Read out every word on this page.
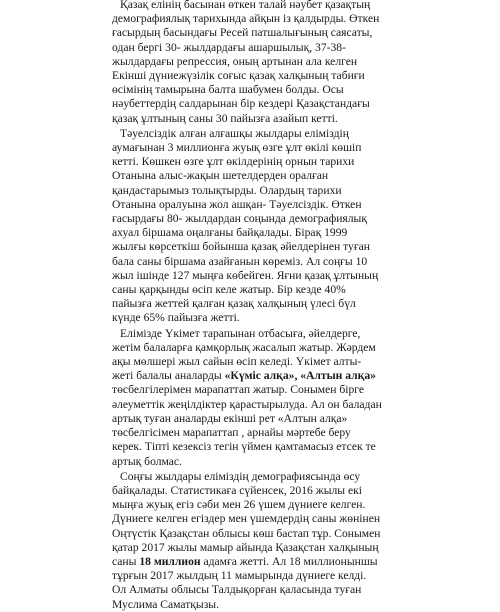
Қазақ елінің басынан өткен талай нәубет қазақтың демографиялық тарихында айқын із қалдырды. Өткен ғасырдың басындағы Ресей патшалығының саясаты, одан бергі 30- жылдардағы ашаршылық, 37-38- жылдардағы репрессия, оның артынан ала келген Екінші дүниежүзілік соғыс қазақ халқының табиғи өсімінің тамырына балта шабумен болды. Осы нәубеттердің салдарынан бір кездері Қазақстандағы қазақ ұлтының саны 30 пайызға азайып кетті.

Тәуелсіздік алған алғашқы жылдары еліміздің аумағынан 3 миллионға жуық өзге ұлт өкілі көшіп кетті. Көшкен өзге ұлт өкілдерінің орнын тарихи Отанына алыс-жақын шетелдерден оралған қандастарымыз толықтырды. Олардың тарихи Отанына оралуына жол ашқан- Тәуелсіздік. Өткен ғасырдағы 80- жылдардан соңында демографиялық ахуал біршама оңалғаны байқалады. Бірақ 1999 жылғы көрсеткіш бойынша қазақ әйелдерінен туған бала саны біршама азайғанын көреміз. Ал соңғы 10 жыл ішінде 127 мыңға көбейген. Яғни қазақ ұлтының саны қарқынды өсіп келе жатыр. Бір кезде 40% пайызға жеттей қалған қазақ халқының үлесі бүл күнде 65% пайызға жетті.

Елімізде Үкімет тарапынан отбасыға, әйелдерге, жетім балаларға қамқорлық жасалып жатыр. Жәрдем ақы мөлшері жыл сайын өсіп келеді. Үкімет алты- жеті балалы аналарды «Күміс алқа», «Алтын алқа» төсбелгілерімен марапаттап жатыр. Сонымен бірге әлеуметтік жеңілдіктер қарастырылуда. Ал он баладан артық туған аналарды екінші рет «Алтын алқа» төсбелгісімен марапаттап , арнайы мәртебе беру керек. Тіпті кезексіз тегін үймен қамтамасыз етсек те артық болмас.

Соңғы жылдары еліміздің демографиясында өсу байқалады. Статистикаға сүйенсек, 2016 жылы екі мыңға жуық егіз сәби мен 26 үшем дүниеге келген. Дүниеге келген егіздер мен үшемдердің саны жөнінен Оңтүстік Қазақстан облысы көш бастап тұр. Сонымен қатар 2017 жылы мамыр айында Қазақстан халқының саны 18 миллион адамға жетті. Ал 18 миллионыншы тұрғын 2017 жылдың 11 мамырында дүниеге келді. Ол Алматы облысы Талдықорған қаласында туған Муслима Саматқызы.
